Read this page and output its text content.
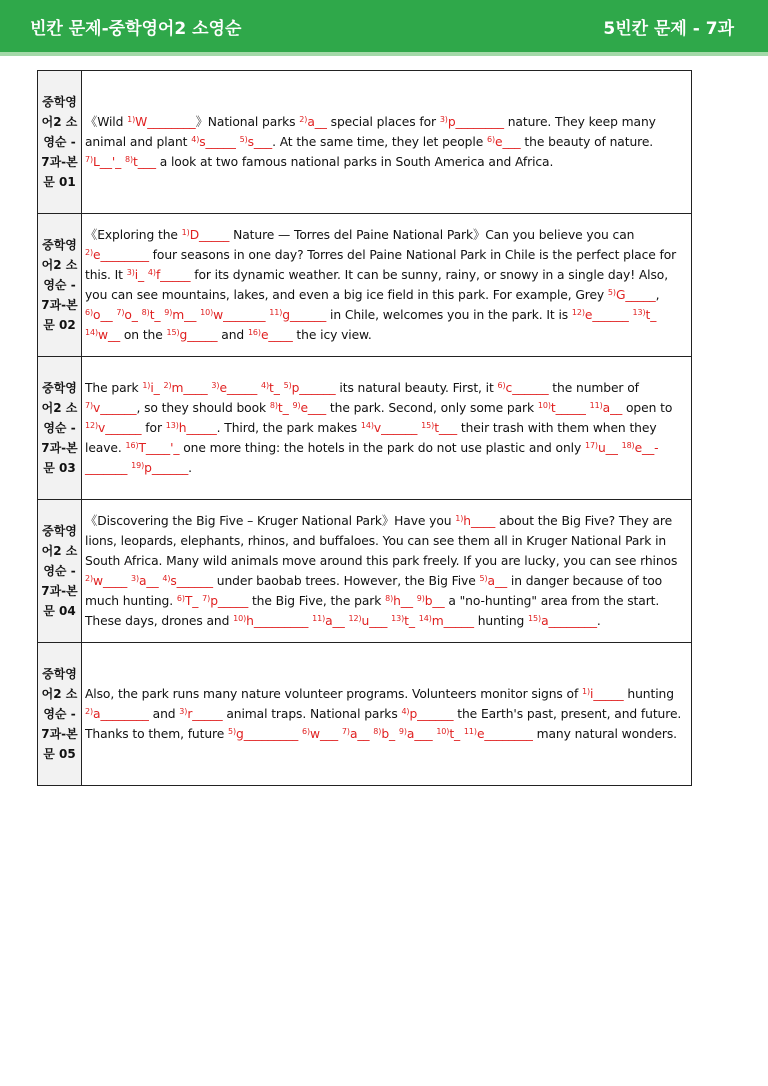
빈칸 문제-중학영어2 소영순	5빈칸 문제 - 7과
중학영어2 소영순 - 7과-본문 01	《Wild $^{1)}$W________》National parks $^{2)}$a__ special places for $^{3)}$p________ nature. They keep many animal and plant $^{4)}$s_____ $^{5)}$s___. At the same time, they let people $^{6)}$e___ the beauty of nature. $^{7)}$L__'_ $^{8)}$t___ a look at two famous national parks in South America and Africa.
중학영어2 소영순 - 7과-본문 02	《Exploring the $^{1)}$D_____ Nature — Torres del Paine National Park》Can you believe you can $^{2)}$e________ four seasons in one day? Torres del Paine National Park in Chile is the perfect place for this. It $^{3)}$i_ $^{4)}$f_____ for its dynamic weather. It can be sunny, rainy, or snowy in a single day! Also, you can see mountains, lakes, and even a big ice field in this park. For example, Grey $^{5)}$G_____, $^{6)}$o__ $^{7)}$o_ $^{8)}$t_ $^{9)}$m__ $^{10)}$w_______ $^{11)}$g______ in Chile, welcomes you in the park. It is $^{12)}$e______ $^{13)}$t_ $^{14)}$w__ on the $^{15)}$g_____ and $^{16)}$e____ the icy view.
중학영어2 소영순 - 7과-본문 03	The park $^{1)}$i_ $^{2)}$m____ $^{3)}$e_____ $^{4)}$t_ $^{5)}$p______ its natural beauty. First, it $^{6)}$c______ the number of $^{7)}$v______, so they should book $^{8)}$t_ $^{9)}$e___ the park. Second, only some park $^{10)}$t_____ $^{11)}$a__ open to $^{12)}$v______ for $^{13)}$h_____. Third, the park makes $^{14)}$v______ $^{15)}$t___ their trash with them when they leave. $^{16)}$T____'_ one more thing: the hotels in the park do not use plastic and only $^{17)}$u__ $^{18)}$e__-_______ $^{19)}$p______.
중학영어2 소영순 - 7과-본문 04	《Discovering the Big Five – Kruger National Park》Have you $^{1)}$h____ about the Big Five? They are lions, leopards, elephants, rhinos, and buffaloes. You can see them all in Kruger National Park in South Africa. Many wild animals move around this park freely. If you are lucky, you can see rhinos $^{2)}$w____ $^{3)}$a__ $^{4)}$s______ under baobab trees. However, the Big Five $^{5)}$a__ in danger because of too much hunting. $^{6)}$T_ $^{7)}$p_____ the Big Five, the park $^{8)}$h__ $^{9)}$b__ a "no-hunting" area from the start. These days, drones and $^{10)}$h_________ $^{11)}$a__ $^{12)}$u___ $^{13)}$t_ $^{14)}$m_____ hunting $^{15)}$a________.
중학영어2 소영순 - 7과-본문 05	Also, the park runs many nature volunteer programs. Volunteers monitor signs of $^{1)}$i_____ hunting $^{2)}$a________ and $^{3)}$r_____ animal traps. National parks $^{4)}$p______ the Earth's past, present, and future. Thanks to them, future $^{5)}$g_________ $^{6)}$w___ $^{7)}$a__ $^{8)}$b_ $^{9)}$a___ $^{10)}$t_ $^{11)}$e________ many natural wonders.
